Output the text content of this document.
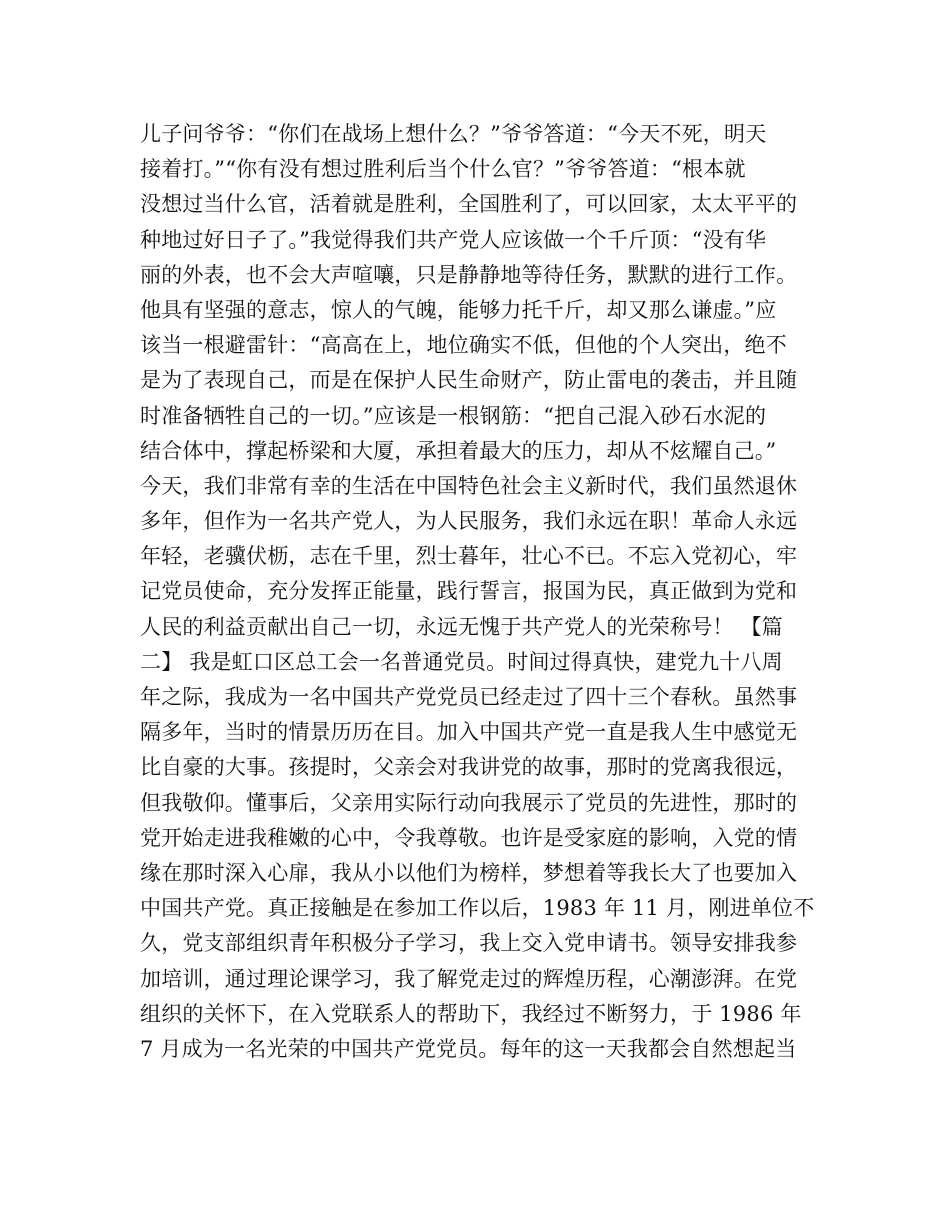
儿子问爷爷：“你们在战场上想什么？”爷爷答道：“今天不死，明天
接着打。”“你有没有想过胜利后当个什么官？”爷爷答道：“根本就
没想过当什么官，活着就是胜利，全国胜利了，可以回家，太太平平的
种地过好日子了。”我觉得我们共产党人应该做一个千斤顶：“没有华
丽的外表，也不会大声喧嚷，只是静静地等待任务，默默的进行工作。
他具有坚强的意志，惊人的气魄，能够力托千斤，却又那么谦虚。”应
该当一根避雷针：“高高在上，地位确实不低，但他的个人突出，绝不
是为了表现自己，而是在保护人民生命财产，防止雷电的袭击，并且随
时准备牺牲自己的一切。”应该是一根钢筋：“把自己混入砂石水泥的
结合体中，撑起桥梁和大厦，承担着最大的压力，却从不炫耀自己。”
今天，我们非常有幸的生活在中国特色社会主义新时代，我们虽然退休
多年，但作为一名共产党人，为人民服务，我们永远在职！革命人永远
年轻，老骥伏枥，志在千里，烈士暮年，壮心不已。不忘入党初心，牢
记党员使命，充分发挥正能量，践行誓言，报国为民，真正做到为党和
人民的利益贡献出自己一切，永远无愧于共产党人的光荣称号！ 【篇
二】 我是虹口区总工会一名普通党员。时间过得真快，建党九十八周
年之际，我成为一名中国共产党党员已经走过了四十三个春秋。虽然事
隔多年，当时的情景历历在目。加入中国共产党一直是我人生中感觉无
比自豪的大事。孩提时，父亲会对我讲党的故事，那时的党离我很远，
但我敬仰。懂事后，父亲用实际行动向我展示了党员的先进性，那时的
党开始走进我稚嫩的心中，令我尊敬。也许是受家庭的影响，入党的情
缘在那时深入心扉，我从小以他们为榜样，梦想着等我长大了也要加入
中国共产党。真正接触是在参加工作以后，1983 年 11 月，刚进单位不
久，党支部组织青年积极分子学习，我上交入党申请书。领导安排我参
加培训，通过理论课学习，我了解党走过的辉煌历程，心潮澎湃。在党
组织的关怀下，在入党联系人的帮助下，我经过不断努力，于 1986 年
7 月成为一名光荣的中国共产党党员。每年的这一天我都会自然想起当
